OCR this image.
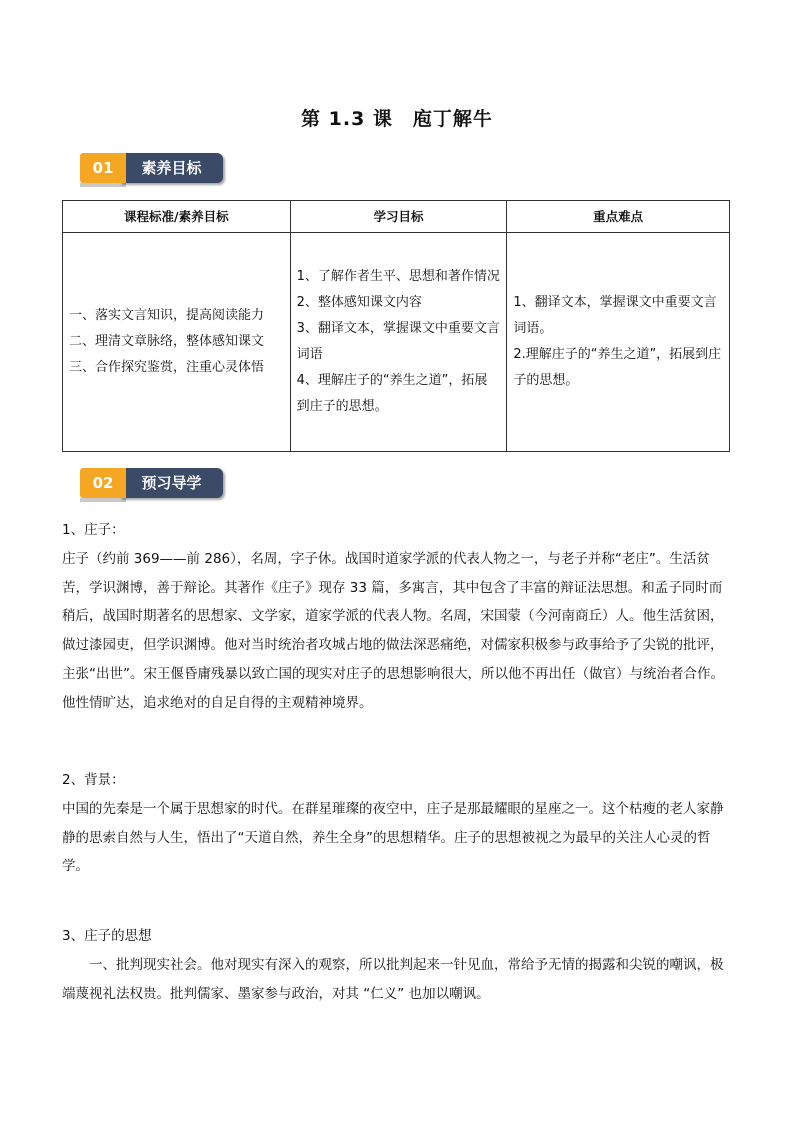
第 1.3 课　庖丁解牛
素养目标
01
课程标准/素养目标	学习目标	重点难点

一、落实文言知识，提高阅读能力
二、理清文章脉络，整体感知课文
三、合作探究鉴赏，注重心灵体悟	1、了解作者生平、思想和著作情况
2、整体感知课文内容
3、翻译文本，掌握课文中重要文言词语
4、理解庄子的“养生之道”，拓展到庄子的思想。	1、翻译文本，掌握课文中重要文言词语。
2.理解庄子的“养生之道”，拓展到庄子的思想。
预习导学
02

1、庄子：

庄子（约前 369——前 286），名周，字子休。战国时道家学派的代表人物之一，与老子并称“老庄”。生活贫苦，学识渊博，善于辩论。其著作《庄子》现存 33 篇，多寓言，其中包含了丰富的辩证法思想。和孟子同时而稍后，战国时期著名的思想家、文学家，道家学派的代表人物。名周，宋国蒙（今河南商丘）人。他生活贫困，做过漆园吏，但学识渊博。他对当时统治者攻城占地的做法深恶痛绝，对儒家积极参与政事给予了尖锐的批评，主张“出世”。宋王偃昏庸残暴以致亡国的现实对庄子的思想影响很大，所以他不再出任（做官）与统治者合作。他性情旷达，追求绝对的自足自得的主观精神境界。

2、背景：

中国的先秦是一个属于思想家的时代。在群星璀璨的夜空中，庄子是那最耀眼的星座之一。这个枯瘦的老人家静静的思索自然与人生，悟出了“天道自然，养生全身”的思想精华。庄子的思想被视之为最早的关注人心灵的哲学。

3、庄子的思想

一、批判现实社会。他对现实有深入的观察，所以批判起来一针见血，常给予无情的揭露和尖锐的嘲讽，极端蔑视礼法权贵。批判儒家、墨家参与政治，对其 “仁义” 也加以嘲讽。
